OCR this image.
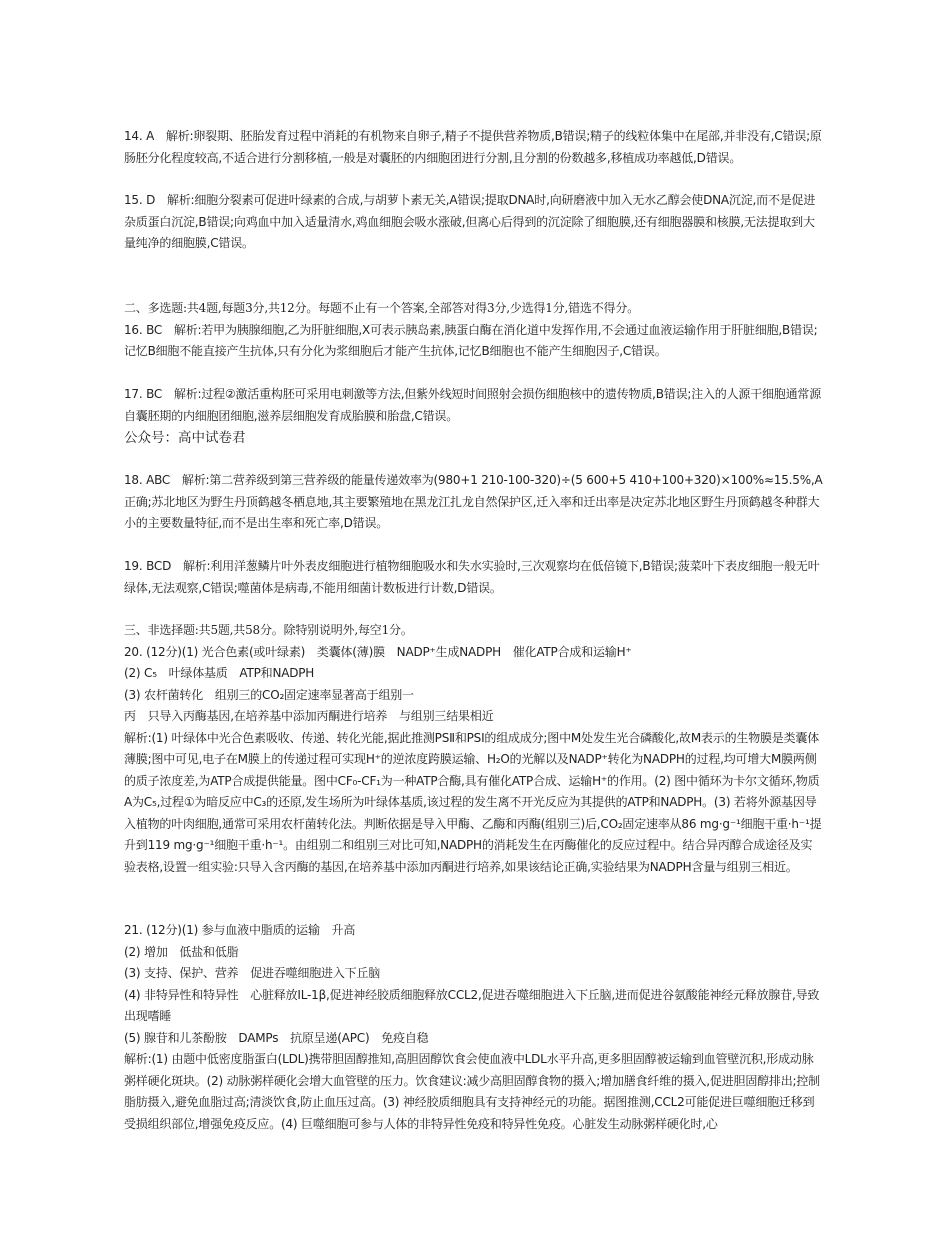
14. A　解析:卵裂期、胚胎发育过程中消耗的有机物来自卵子,精子不提供营养物质,B错误;精子的线粒体集中在尾部,并非没有,C错误;原肠胚分化程度较高,不适合进行分割移植,一般是对囊胚的内细胞团进行分割,且分割的份数越多,移植成功率越低,D错误。

15. D　解析:细胞分裂素可促进叶绿素的合成,与胡萝卜素无关,A错误;提取DNA时,向研磨液中加入无水乙醇会使DNA沉淀,而不是促进杂质蛋白沉淀,B错误;向鸡血中加入适量清水,鸡血细胞会吸水涨破,但离心后得到的沉淀除了细胞膜,还有细胞器膜和核膜,无法提取到大量纯净的细胞膜,C错误。

二、多选题:共4题,每题3分,共12分。每题不止有一个答案,全部答对得3分,少选得1分,错选不得分。

16. BC　解析:若甲为胰腺细胞,乙为肝脏细胞,X可表示胰岛素,胰蛋白酶在消化道中发挥作用,不会通过血液运输作用于肝脏细胞,B错误;记忆B细胞不能直接产生抗体,只有分化为浆细胞后才能产生抗体,记忆B细胞也不能产生细胞因子,C错误。

17. BC　解析:过程②激活重构胚可采用电刺激等方法,但紫外线短时间照射会损伤细胞核中的遗传物质,B错误;注入的人源干细胞通常源自囊胚期的内细胞团细胞,滋养层细胞发育成胎膜和胎盘,C错误。

公众号：高中试卷君

18. ABC　解析:第二营养级到第三营养级的能量传递效率为(980+1 210-100-320)÷(5 600+5 410+100+320)×100%≈15.5%,A正确;苏北地区为野生丹顶鹤越冬栖息地,其主要繁殖地在黑龙江扎龙自然保护区,迁入率和迁出率是决定苏北地区野生丹顶鹤越冬种群大小的主要数量特征,而不是出生率和死亡率,D错误。

19. BCD　解析:利用洋葱鳞片叶外表皮细胞进行植物细胞吸水和失水实验时,三次观察均在低倍镜下,B错误;菠菜叶下表皮细胞一般无叶绿体,无法观察,C错误;噬菌体是病毒,不能用细菌计数板进行计数,D错误。

三、非选择题:共5题,共58分。除特别说明外,每空1分。

20. (12分)(1) 光合色素(或叶绿素)　类囊体(薄)膜　NADP⁺生成NADPH　催化ATP合成和运输H⁺

(2) C₅　叶绿体基质　ATP和NADPH

(3) 农杆菌转化　组别三的CO₂固定速率显著高于组别一

丙　只导入丙酶基因,在培养基中添加丙酮进行培养　与组别三结果相近

解析:(1) 叶绿体中光合色素吸收、传递、转化光能,据此推测PSⅡ和PSⅠ的组成成分;图中M处发生光合磷酸化,故M表示的生物膜是类囊体薄膜;图中可见,电子在M膜上的传递过程可实现H⁺的逆浓度跨膜运输、H₂O的光解以及NADP⁺转化为NADPH的过程,均可增大M膜两侧的质子浓度差,为ATP合成提供能量。图中CF₀-CF₁为一种ATP合酶,具有催化ATP合成、运输H⁺的作用。(2) 图中循环为卡尔文循环,物质A为C₅,过程①为暗反应中C₃的还原,发生场所为叶绿体基质,该过程的发生离不开光反应为其提供的ATP和NADPH。(3) 若将外源基因导入植物的叶肉细胞,通常可采用农杆菌转化法。判断依据是导入甲酶、乙酶和丙酶(组别三)后,CO₂固定速率从86 mg·g⁻¹细胞干重·h⁻¹提升到119 mg·g⁻¹细胞干重·h⁻¹。由组别二和组别三对比可知,NADPH的消耗发生在丙酶催化的反应过程中。结合异丙醇合成途径及实验表格,设置一组实验:只导入含丙酶的基因,在培养基中添加丙酮进行培养,如果该结论正确,实验结果为NADPH含量与组别三相近。

21. (12分)(1) 参与血液中脂质的运输　升高

(2) 增加　低盐和低脂

(3) 支持、保护、营养　促进吞噬细胞进入下丘脑

(4) 非特异性和特异性　心脏释放IL-1β,促进神经胶质细胞释放CCL2,促进吞噬细胞进入下丘脑,进而促进谷氨酸能神经元释放腺苷,导致出现嗜睡

(5) 腺苷和儿茶酚胺　DAMPs　抗原呈递(APC)　免疫自稳

解析:(1) 由题中低密度脂蛋白(LDL)携带胆固醇推知,高胆固醇饮食会使血液中LDL水平升高,更多胆固醇被运输到血管壁沉积,形成动脉粥样硬化斑块。(2) 动脉粥样硬化会增大血管壁的压力。饮食建议:减少高胆固醇食物的摄入;增加膳食纤维的摄入,促进胆固醇排出;控制脂肪摄入,避免血脂过高;清淡饮食,防止血压过高。(3) 神经胶质细胞具有支持神经元的功能。据图推测,CCL2可能促进巨噬细胞迁移到受损组织部位,增强免疫反应。(4) 巨噬细胞可参与人体的非特异性免疫和特异性免疫。心脏发生动脉粥样硬化时,心
